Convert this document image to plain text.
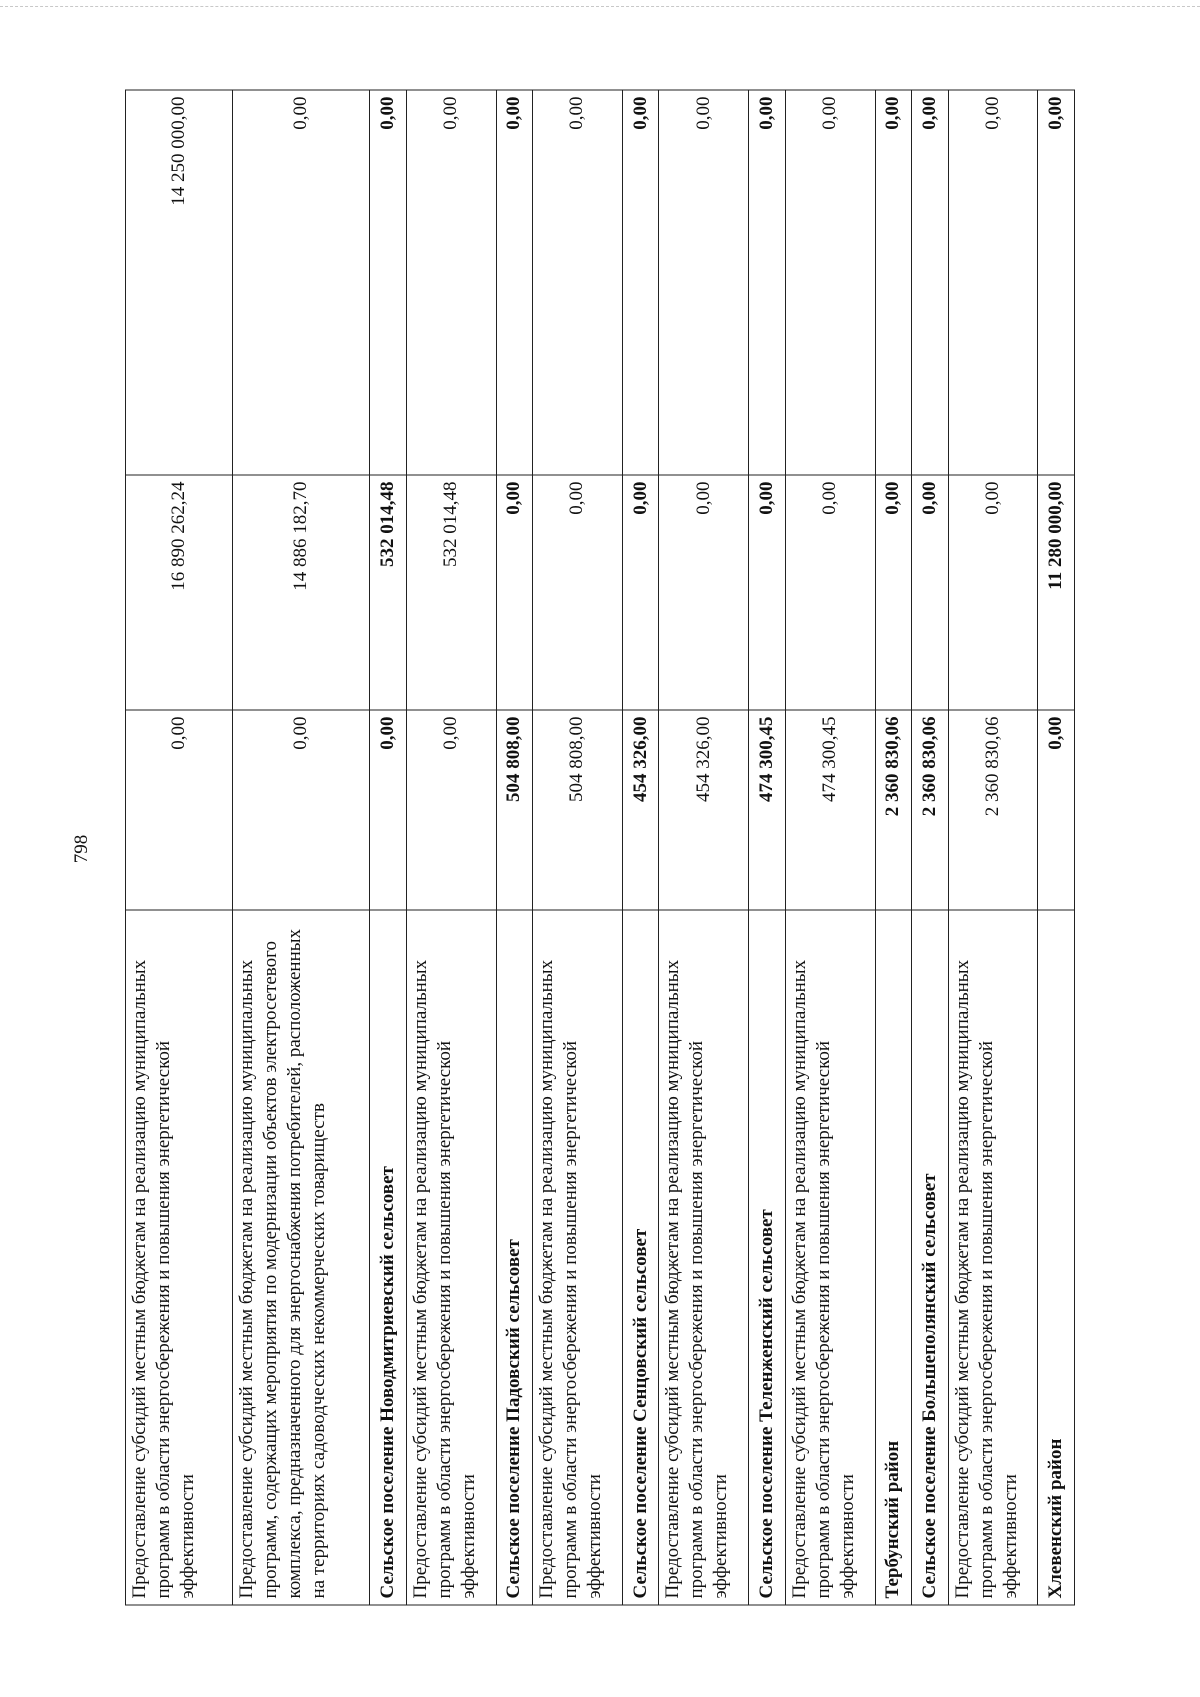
798
Предоставление субсидий местным бюджетам на реализацию муниципальных программ в области энергосбережения и повышения энергетической эффективности	0,00	16 890 262,24	14 250 000,00
Предоставление субсидий местным бюджетам на реализацию муниципальных программ, содержащих мероприятия по модернизации объектов электросетевого комплекса, предназначенного для энергоснабжения потребителей, расположенных на территориях садоводческих некоммерческих товариществ	0,00	14 886 182,70	0,00
Сельское поселение Новодмитриевский сельсовет	0,00	532 014,48	0,00
Предоставление субсидий местным бюджетам на реализацию муниципальных программ в области энергосбережения и повышения энергетической эффективности	0,00	532 014,48	0,00
Сельское поселение Падовский сельсовет	504 808,00	0,00	0,00
Предоставление субсидий местным бюджетам на реализацию муниципальных программ в области энергосбережения и повышения энергетической эффективности	504 808,00	0,00	0,00
Сельское поселение Сенцовский сельсовет	454 326,00	0,00	0,00
Предоставление субсидий местным бюджетам на реализацию муниципальных программ в области энергосбережения и повышения энергетической эффективности	454 326,00	0,00	0,00
Сельское поселение Теленженский сельсовет	474 300,45	0,00	0,00
Предоставление субсидий местным бюджетам на реализацию муниципальных программ в области энергосбережения и повышения энергетической эффективности	474 300,45	0,00	0,00
Тербунский район	2 360 830,06	0,00	0,00
Сельское поселение Большеполянский сельсовет	2 360 830,06	0,00	0,00
Предоставление субсидий местным бюджетам на реализацию муниципальных программ в области энергосбережения и повышения энергетической эффективности	2 360 830,06	0,00	0,00
Хлевенский район	0,00	11 280 000,00	0,00
